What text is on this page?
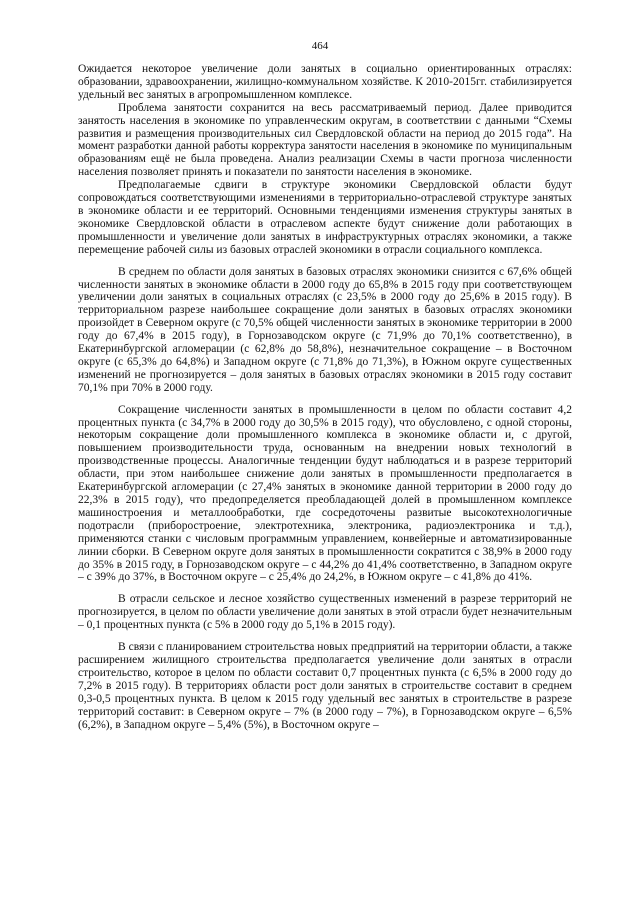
464

Ожидается некоторое увеличение доли занятых в социально ориентированных отраслях: образовании, здравоохранении, жилищно-коммунальном хозяйстве. К 2010-2015гг. стабилизируется удельный вес занятых в агропромышленном комплексе.

Проблема занятости сохранится на весь рассматриваемый период. Далее приводится занятость населения в экономике по управленческим округам, в соответствии с данными “Схемы развития и размещения производительных сил Свердловской области на период до 2015 года”. На момент разработки данной работы корректура занятости населения в экономике по муниципальным образованиям ещё не была проведена. Анализ реализации Схемы в части прогноза численности населения позволяет принять и показатели по занятости населения в экономике.

Предполагаемые сдвиги в структуре экономики Свердловской области будут сопровождаться соответствующими изменениями в территориально-отраслевой структуре занятых в экономике области и ее территорий. Основными тенденциями изменения структуры занятых в экономике Свердловской области в отраслевом аспекте будут снижение доли работающих в промышленности и увеличение доли занятых в инфраструктурных отраслях экономики, а также перемещение рабочей силы из базовых отраслей экономики в отрасли социального комплекса.

В среднем по области доля занятых в базовых отраслях экономики снизится с 67,6% общей численности занятых в экономике области в 2000 году до 65,8% в 2015 году при соответствующем увеличении доли занятых в социальных отраслях (с 23,5% в 2000 году до 25,6% в 2015 году). В территориальном разрезе наибольшее сокращение доли занятых в базовых отраслях экономики произойдет в Северном округе (с 70,5% общей численности занятых в экономике территории в 2000 году до 67,4% в 2015 году), в Горнозаводском округе (с 71,9% до 70,1% соответственно), в Екатеринбургской агломерации (с 62,8% до 58,8%), незначительное сокращение – в Восточном округе (с 65,3% до 64,8%) и Западном округе (с 71,8% до 71,3%), в Южном округе существенных изменений не прогнозируется – доля занятых в базовых отраслях экономики в 2015 году составит 70,1% при 70% в 2000 году.

Сокращение численности занятых в промышленности в целом по области составит 4,2 процентных пункта (с 34,7% в 2000 году до 30,5% в 2015 году), что обусловлено, с одной стороны, некоторым сокращение доли промышленного комплекса в экономике области и, с другой, повышением производительности труда, основанным на внедрении новых технологий в производственные процессы. Аналогичные тенденции будут наблюдаться и в разрезе территорий области, при этом наибольшее снижение доли занятых в промышленности предполагается в Екатеринбургской агломерации (с 27,4% занятых в экономике данной территории в 2000 году до 22,3% в 2015 году), что предопределяется преобладающей долей в промышленном комплексе машиностроения и металлообработки, где сосредоточены развитые высокотехнологичные подотрасли (приборостроение, электротехника, электроника, радиоэлектроника и т.д.), применяются станки с числовым программным управлением, конвейерные и автоматизированные линии сборки. В Северном округе доля занятых в промышленности сократится с 38,9% в 2000 году до 35% в 2015 году, в Горнозаводском округе – с 44,2% до 41,4% соответственно, в Западном округе – с 39% до 37%, в Восточном округе – с 25,4% до 24,2%, в Южном округе – с 41,8% до 41%.

В отрасли сельское и лесное хозяйство существенных изменений в разрезе территорий не прогнозируется, в целом по области увеличение доли занятых в этой отрасли будет незначительным – 0,1 процентных пункта (с 5% в 2000 году до 5,1% в 2015 году).

В связи с планированием строительства новых предприятий на территории области, а также расширением жилищного строительства предполагается увеличение доли занятых в отрасли строительство, которое в целом по области составит 0,7 процентных пункта (с 6,5% в 2000 году до 7,2% в 2015 году). В территориях области рост доли занятых в строительстве составит в среднем 0,3-0,5 процентных пункта. В целом к 2015 году удельный вес занятых в строительстве в разрезе территорий составит: в Северном округе – 7% (в 2000 году – 7%), в Горнозаводском округе – 6,5% (6,2%), в Западном округе – 5,4% (5%), в Восточном округе –
